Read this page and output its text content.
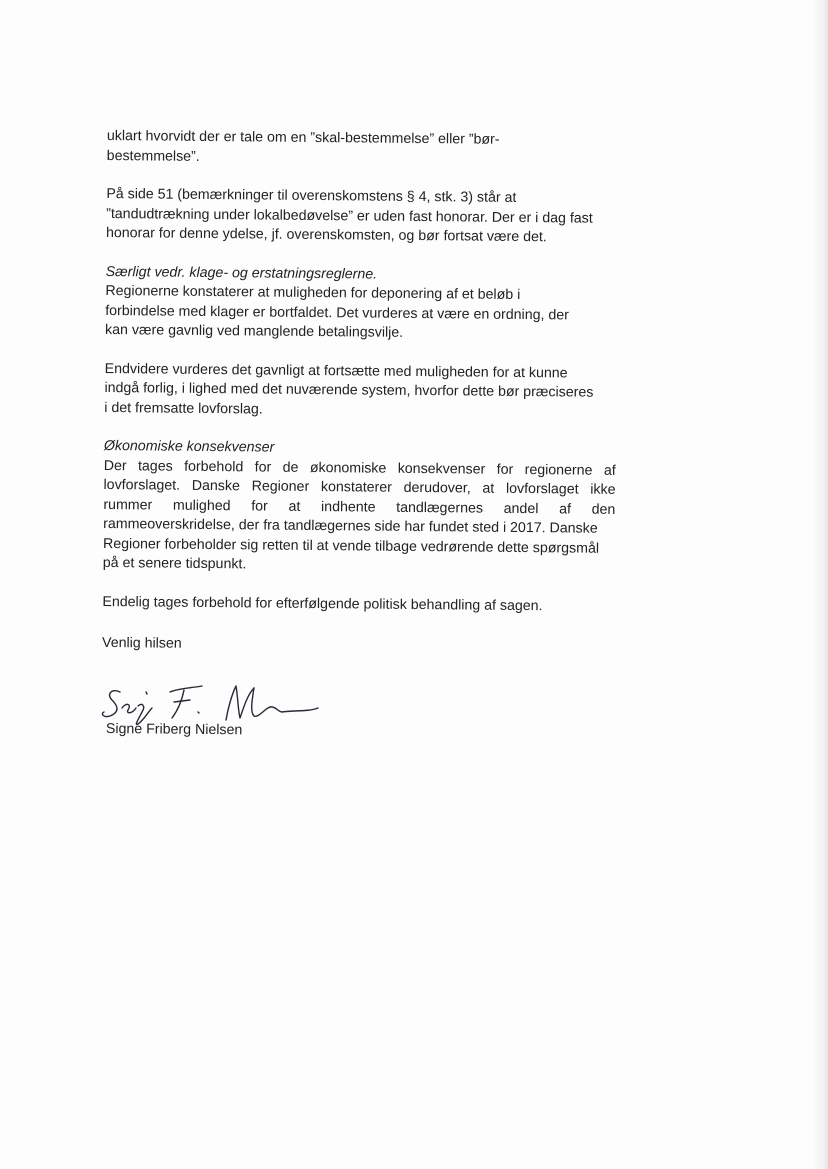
uklart hvorvidt der er tale om en ”skal-bestemmelse” eller ”bør-
bestemmelse”.
På side 51 (bemærkninger til overenskomstens § 4, stk. 3) står at
”tandudtrækning under lokalbedøvelse” er uden fast honorar. Der er i dag fast
honorar for denne ydelse, jf. overenskomsten, og bør fortsat være det.
Særligt vedr. klage- og erstatningsreglerne.
Regionerne konstaterer at muligheden for deponering af et beløb i
forbindelse med klager er bortfaldet. Det vurderes at være en ordning, der
kan være gavnlig ved manglende betalingsvilje.
Endvidere vurderes det gavnligt at fortsætte med muligheden for at kunne
indgå forlig, i lighed med det nuværende system, hvorfor dette bør præciseres
i det fremsatte lovforslag.
Økonomiske konsekvenser
Der tages forbehold for de økonomiske konsekvenser for regionerne af
lovforslaget. Danske Regioner konstaterer derudover, at lovforslaget ikke
rummer mulighed for at indhente tandlægernes andel af den
rammeoverskridelse, der fra tandlægernes side har fundet sted i 2017. Danske
Regioner forbeholder sig retten til at vende tilbage vedrørende dette spørgsmål
på et senere tidspunkt.
Endelig tages forbehold for efterfølgende politisk behandling af sagen.
Venlig hilsen
Signe Friberg Nielsen
